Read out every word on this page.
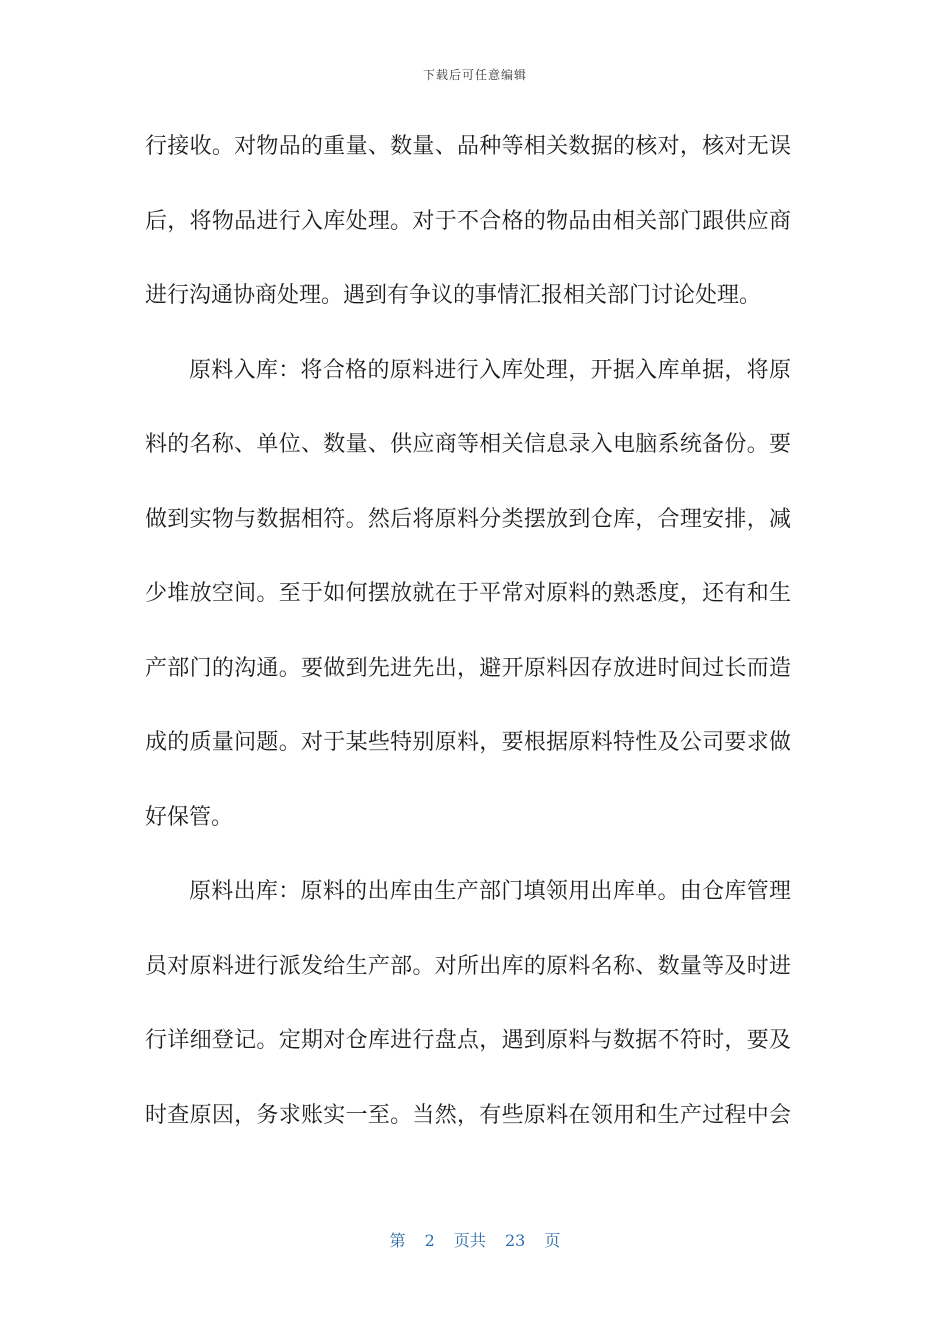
下载后可任意编辑
行接收。对物品的重量、数量、品种等相关数据的核对，核对无误
后，将物品进行入库处理。对于不合格的物品由相关部门跟供应商
进行沟通协商处理。遇到有争议的事情汇报相关部门讨论处理。
原料入库：将合格的原料进行入库处理，开据入库单据，将原
料的名称、单位、数量、供应商等相关信息录入电脑系统备份。要
做到实物与数据相符。然后将原料分类摆放到仓库，合理安排，减
少堆放空间。至于如何摆放就在于平常对原料的熟悉度，还有和生
产部门的沟通。要做到先进先出，避开原料因存放进时间过长而造
成的质量问题。对于某些特别原料，要根据原料特性及公司要求做
好保管。
原料出库：原料的出库由生产部门填领用出库单。由仓库管理
员对原料进行派发给生产部。对所出库的原料名称、数量等及时进
行详细登记。定期对仓库进行盘点，遇到原料与数据不符时，要及
时查原因，务求账实一至。当然，有些原料在领用和生产过程中会
第 2 页共 23 页
